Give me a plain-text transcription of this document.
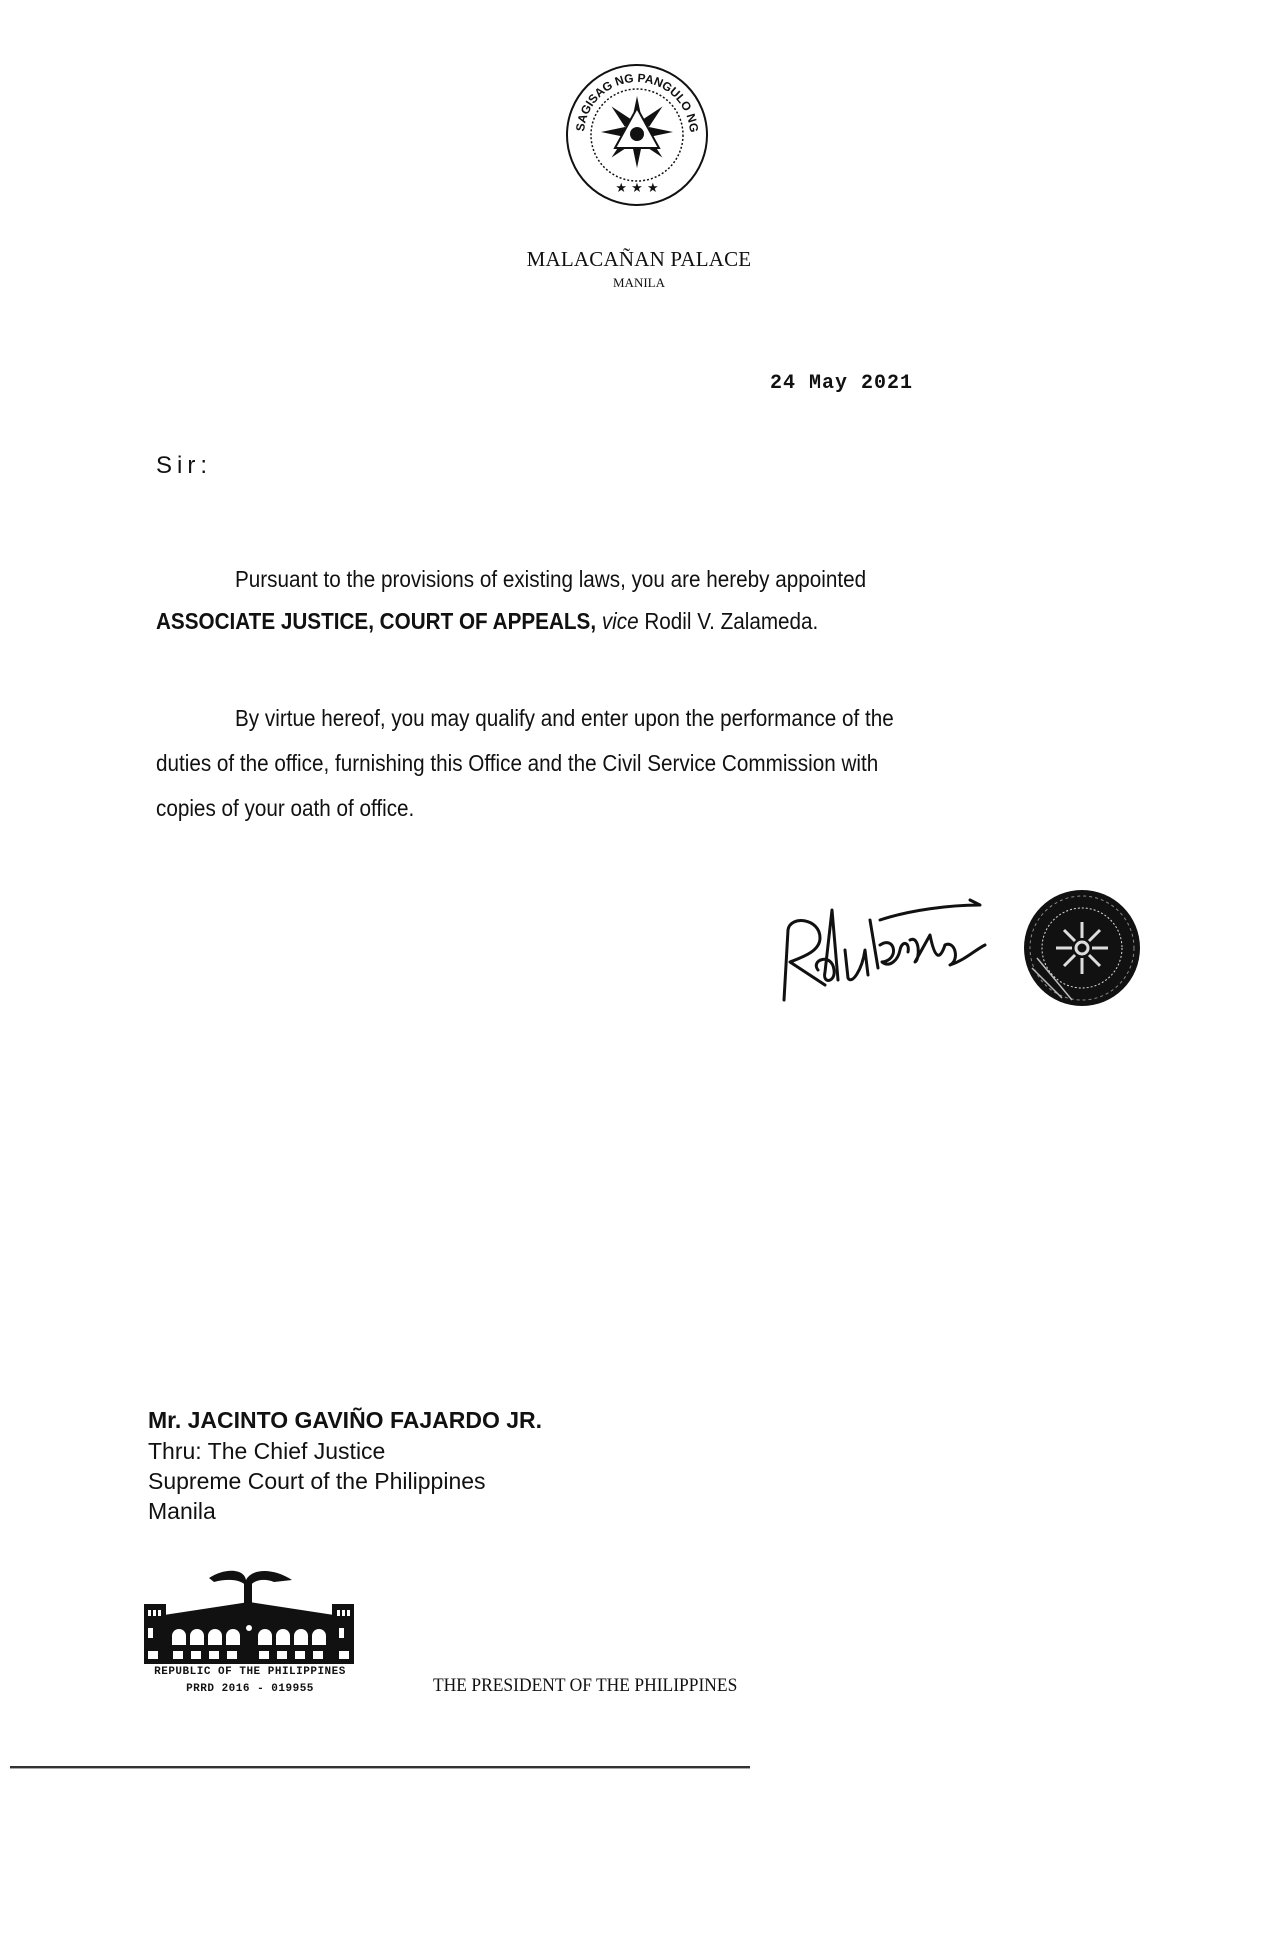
SAGISAG NG PANGULO NG
★ ★ ★
MALACAÑAN PALACE
MANILA
24 May 2021
Sir:
Pursuant to the provisions of existing laws, you are hereby appointed
ASSOCIATE JUSTICE, COURT OF APPEALS, vice Rodil V. Zalameda.
By virtue hereof, you may qualify and enter upon the performance of the
duties of the office, furnishing this Office and the Civil Service Commission with
copies of your oath of office.
Mr. JACINTO GAVIÑO FAJARDO JR.
Thru: The Chief Justice
Supreme Court of the Philippines
Manila
REPUBLIC OF THE PHILIPPINES
PRRD 2016 - 019955	THE PRESIDENT OF THE PHILIPPINES
